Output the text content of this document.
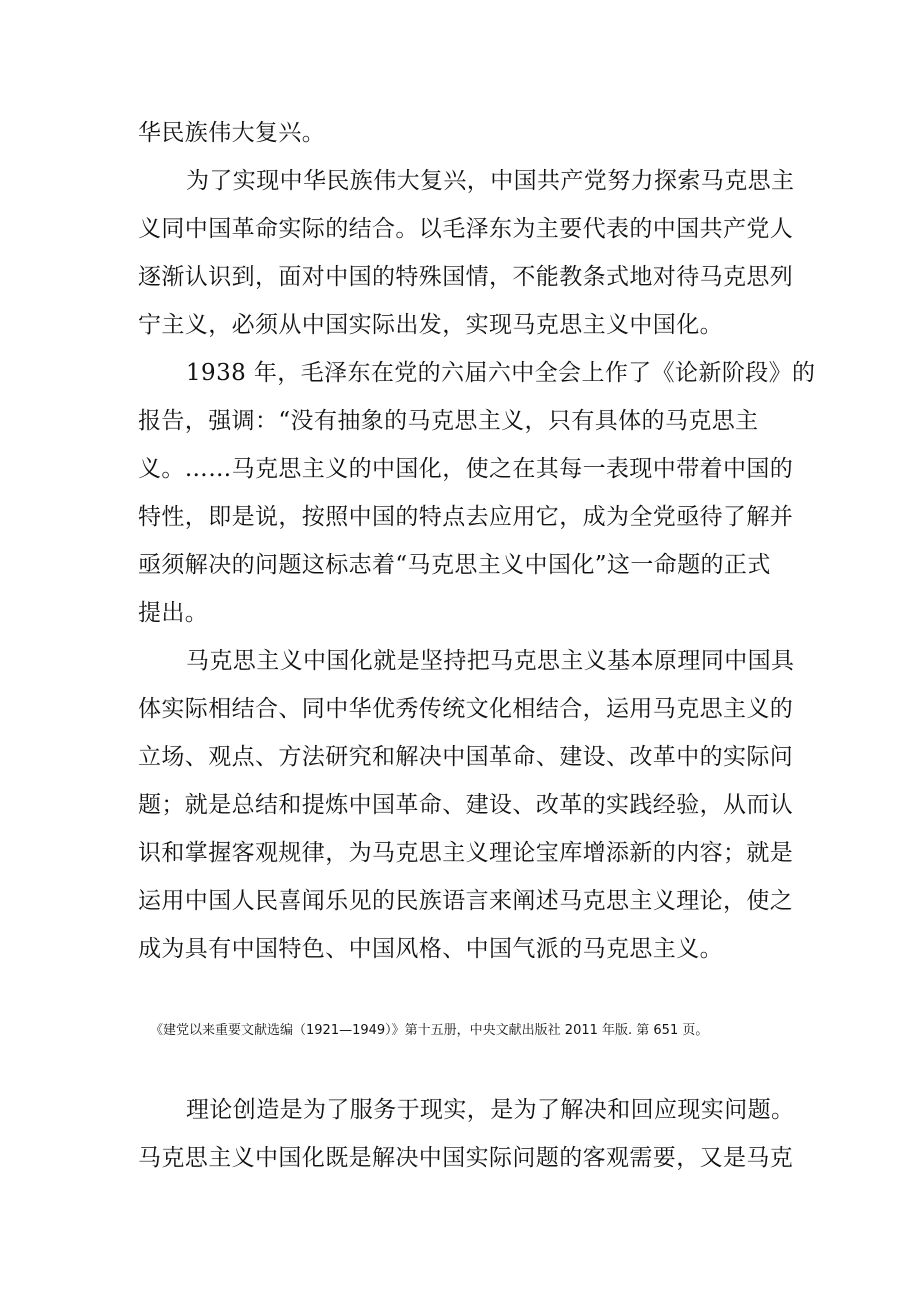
华民族伟大复兴。
为了实现中华民族伟大复兴，中国共产党努力探索马克思主
义同中国革命实际的结合。以毛泽东为主要代表的中国共产党人
逐渐认识到，面对中国的特殊国情，不能教条式地对待马克思列
宁主义，必须从中国实际出发，实现马克思主义中国化。
1938 年，毛泽东在党的六届六中全会上作了《论新阶段》的
报告，强调：“没有抽象的马克思主义，只有具体的马克思主
义。……马克思主义的中国化，使之在其每一表现中带着中国的
特性，即是说，按照中国的特点去应用它，成为全党亟待了解并
亟须解决的问题这标志着“马克思主义中国化”这一命题的正式
提出。
马克思主义中国化就是坚持把马克思主义基本原理同中国具
体实际相结合、同中华优秀传统文化相结合，运用马克思主义的
立场、观点、方法研究和解决中国革命、建设、改革中的实际问
题；就是总结和提炼中国革命、建设、改革的实践经验，从而认
识和掌握客观规律，为马克思主义理论宝库增添新的内容；就是
运用中国人民喜闻乐见的民族语言来阐述马克思主义理论，使之
成为具有中国特色、中国风格、中国气派的马克思主义。
《建党以来重要文献选编（1921—1949）》第十五册，中央文献出版社 2011 年版. 第 651 页。
理论创造是为了服务于现实，是为了解决和回应现实问题。
马克思主义中国化既是解决中国实际问题的客观需要，又是马克
